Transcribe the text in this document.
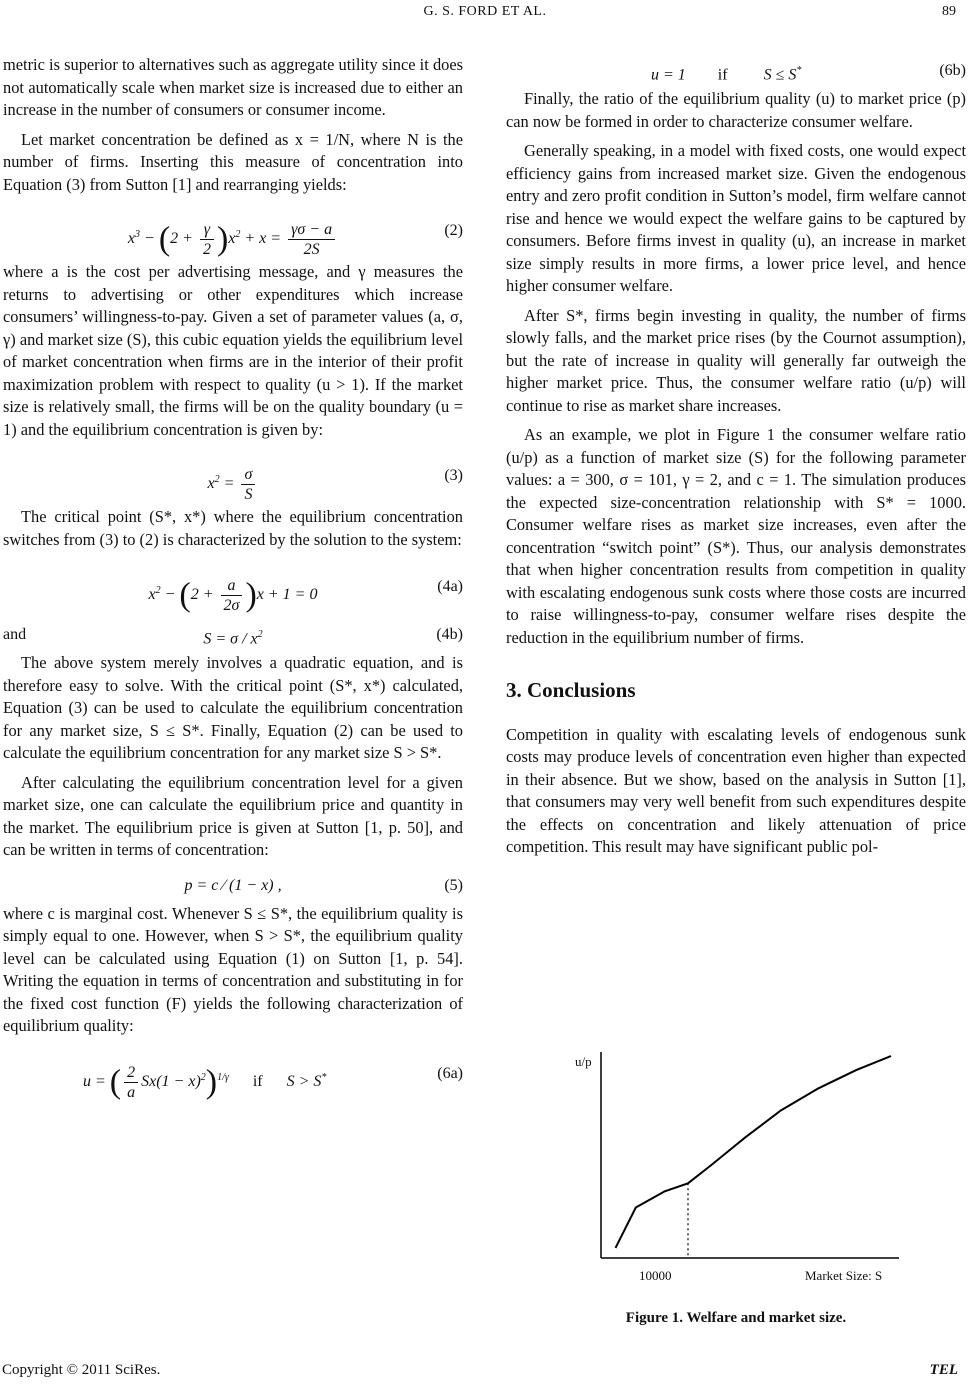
G. S. FORD ET AL.	89

metric is superior to alternatives such as aggregate utility since it does not automatically scale when market size is increased due to either an increase in the number of consumers or consumer income.

Let market concentration be defined as x = 1/N, where N is the number of firms. Inserting this measure of concentration into Equation (3) from Sutton [1] and rearranging yields:

$x^3 - (2 + \frac{\gamma}{2} )x^2 + x = \frac{\gamma\sigma - a}{2S}$	(2)

where a is the cost per advertising message, and γ measures the returns to advertising or other expenditures which increase consumers’ willingness-to-pay. Given a set of parameter values (a, σ, γ) and market size (S), this cubic equation yields the equilibrium level of market concentration when firms are in the interior of their profit maximization problem with respect to quality (u > 1). If the market size is relatively small, the firms will be on the quality boundary (u = 1) and the equilibrium concentration is given by:

$x^2 = \frac{\sigma}{S}$	(3)

The critical point (S*, x*) where the equilibrium concentration switches from (3) to (2) is characterized by the solution to the system:

$x^2 - (2 + \frac{a}{2\sigma} )x + 1 = 0$	(4a)
and	$S = \sigma / x^2$	(4b)

The above system merely involves a quadratic equation, and is therefore easy to solve. With the critical point (S*, x*) calculated, Equation (3) can be used to calculate the equilibrium concentration for any market size, S ≤ S*. Finally, Equation (2) can be used to calculate the equilibrium concentration for any market size S > S*.

After calculating the equilibrium concentration level for a given market size, one can calculate the equilibrium price and quantity in the market. The equilibrium price is given at Sutton [1, p. 50], and can be written in terms of concentration:

p = c ⁄ (1 − x) ,	(5)

where c is marginal cost. Whenever S ≤ S*, the equilibrium quality is simply equal to one. However, when S > S*, the equilibrium quality level can be calculated using Equation (1) on Sutton [1, p. 54]. Writing the equation in terms of concentration and substituting in for the fixed cost function (F) yields the following characterization of equilibrium quality:

u = ( $\frac{2}{a} Sx(1 - x)^2)^{1/\gamma}$ if      S > S*	(6a)
u = 1        if         S ≤ S*	(6b)

Finally, the ratio of the equilibrium quality (u) to market price (p) can now be formed in order to characterize consumer welfare.

Generally speaking, in a model with fixed costs, one would expect efficiency gains from increased market size. Given the endogenous entry and zero profit condition in Sutton’s model, firm welfare cannot rise and hence we would expect the welfare gains to be captured by consumers. Before firms invest in quality (u), an increase in market size simply results in more firms, a lower price level, and hence higher consumer welfare.

After S*, firms begin investing in quality, the number of firms slowly falls, and the market price rises (by the Cournot assumption), but the rate of increase in quality will generally far outweigh the higher market price. Thus, the consumer welfare ratio (u/p) will continue to rise as market share increases.

As an example, we plot in Figure 1 the consumer welfare ratio (u/p) as a function of market size (S) for the following parameter values: a = 300, σ = 101, γ = 2, and c = 1. The simulation produces the expected size-concentration relationship with S* = 1000. Consumer welfare rises as market size increases, even after the concentration “switch point” (S*). Thus, our analysis demonstrates that when higher concentration results from competition in quality with escalating endogenous sunk costs where those costs are incurred to raise willingness-to-pay, consumer welfare rises despite the reduction in the equilibrium number of firms.

3. Conclusions

Competition in quality with escalating levels of endogenous sunk costs may produce levels of concentration even higher than expected in their absence. But we show, based on the analysis in Sutton [1], that consumers may very well benefit from such expenditures despite the effects on concentration and likely attenuation of price competition. This result may have significant public pol-

u/p
10000	Market Size: S
Figure 1. Welfare and market size.
Copyright © 2011 SciRes.	TEL
